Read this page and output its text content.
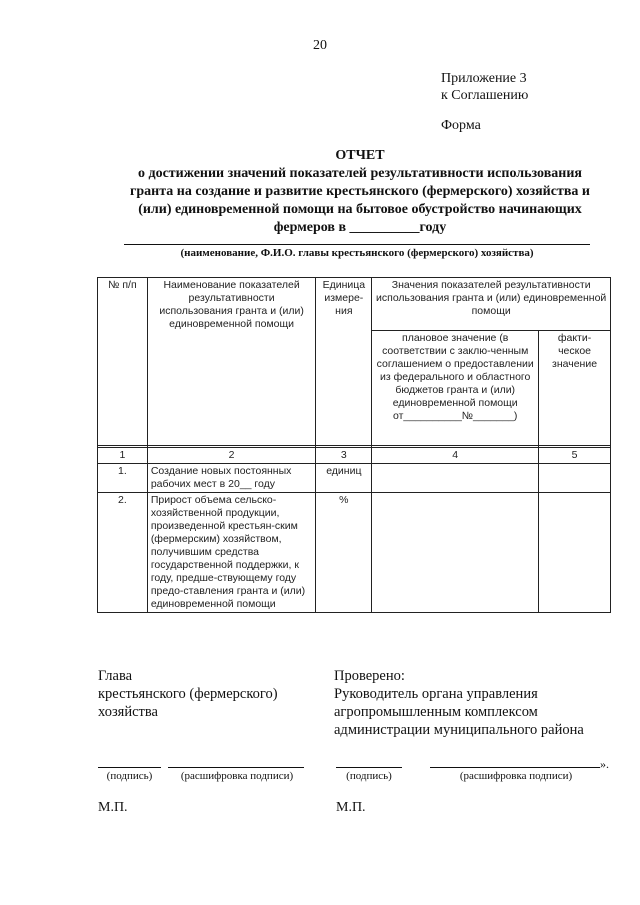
20
Приложение 3
к Соглашению
Форма
ОТЧЕТ
о достижении значений показателей результативности использования
гранта на создание и развитие крестьянского (фермерского) хозяйства и
(или) единовременной помощи на бытовое обустройство начинающих
фермеров в __________году
(наименование, Ф.И.О. главы крестьянского (фермерского) хозяйства)
№ п/п	Наименование показателей результативности использования гранта и (или) единовременной помощи	Единица измере-ния	Значения показателей результативности использования гранта и (или) единовременной помощи	
			плановое значение (в соответствии с заклю-ченным соглашением о предоставлении из федерального и областного бюджетов гранта и (или) единовременной помощи от__________№_______)	факти-ческое значение

1	2	3	4	5
1.	Создание новых постоянных рабочих мест в 20__ году	единиц		
2.	Прирост объема сельско-хозяйственной продукции, произведенной крестьян-ским (фермерским) хозяйством, получившим средства государственной поддержки, к году, предше-ствующему году предо-ставления гранта и (или) единовременной помощи	%		
Глава
крестьянского (фермерского)
хозяйства
Проверено:
Руководитель органа управления
агропромышленным комплексом
администрации муниципального района
(подпись)	(расшифровка подписи)
».
(подпись)	(расшифровка подписи)
М.П.	М.П.
